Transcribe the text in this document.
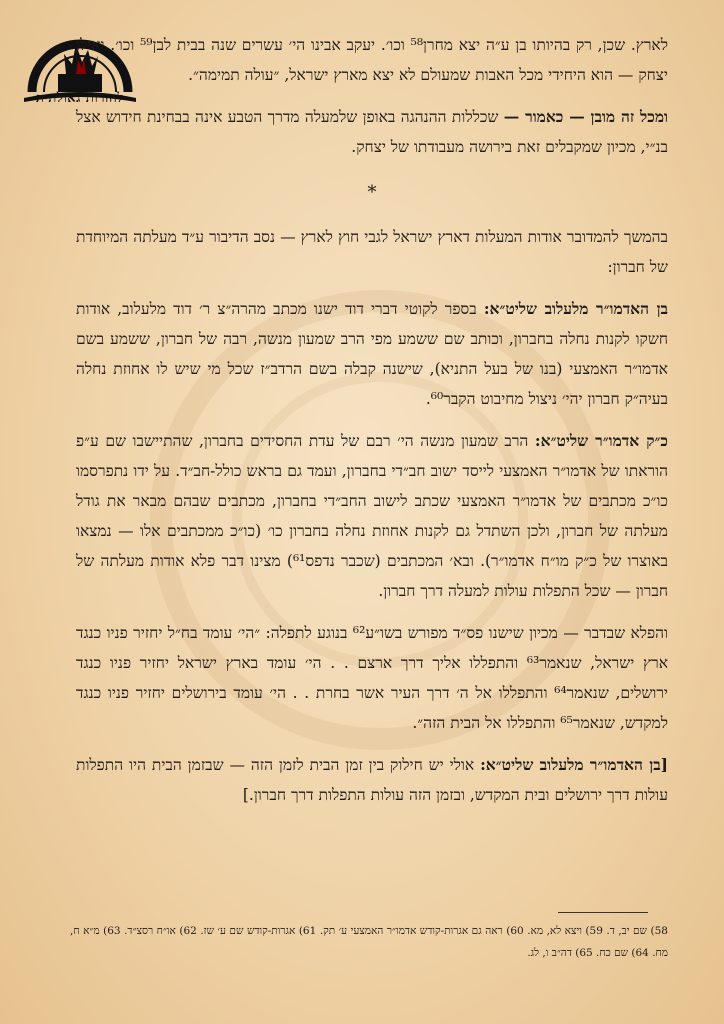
לחזרות גאולתית

לארץ. שכן, רק בהיותו בן ע״ה יצא מחרן⁵⁸ וכו׳. יעקב אבינו הי׳ עשרים שנה בבית לבן⁵⁹ וכו׳. ואילו יצחק — הוא היחידי מכל האבות שמעולם לא יצא מארץ ישראל, ״עולה תמימה״.

ומכל זה מובן — כאמור — שכללות ההנהגה באופן שלמעלה מדרך הטבע אינה בבחינת חידוש אצל בנ״י, מכיון שמקבלים זאת בירושה מעבודתו של יצחק.

*

בהמשך להמדובר אודות המעלות דארץ ישראל לגבי חוץ לארץ — נסב הדיבור ע״ד מעלתה המיוחדת של חברון:

בן האדמו״ר מלעלוב שליט״א: בספר לקוטי דברי דוד ישנו מכתב מהרה״צ ר׳ דוד מלעלוב, אודות חשקו לקנות נחלה בחברון, וכותב שם ששמע מפי הרב שמעון מנשה, רבה של חברון, ששמע בשם אדמו״ר האמצעי (בנו של בעל התניא), שישנה קבלה בשם הרדב״ז שכל מי שיש לו אחוזת נחלה בעיה״ק חברון יהי׳ ניצול מחיבוט הקבר⁶⁰.

כ״ק אדמו״ר שליט״א: הרב שמעון מנשה הי׳ רבם של עדת החסידים בחברון, שהתיישבו שם ע״פ הוראתו של אדמו״ר האמצעי לייסד ישוב חב״די בחברון, ועמד גם בראש כולל-חב״ד. על ידו נתפרסמו כו״כ מכתבים של אדמו״ר האמצעי שכתב לישוב החב״די בחברון, מכתבים שבהם מבאר את גודל מעלתה של חברון, ולכן השתדל גם לקנות אחוזת נחלה בחברון כו׳ (כו״כ ממכתבים אלו — נמצאו באוצרו של כ״ק מו״ח אדמו״ר). ובא׳ המכתבים (שכבר נדפס⁶¹) מצינו דבר פלא אודות מעלתה של חברון — שכל התפלות עולות למעלה דרך חברון.

והפלא שבדבר — מכיון שישנו פס״ד מפורש בשו״ע⁶² בנוגע לתפלה: ״הי׳ עומד בח״ל יחזיר פניו כנגד ארץ ישראל, שנאמר⁶³ והתפללו אליך דרך ארצם . . הי׳ עומד בארץ ישראל יחזיר פניו כנגד ירושלים, שנאמר⁶⁴ והתפללו אל ה׳ דרך העיר אשר בחרת . . הי׳ עומד בירושלים יחזיר פניו כנגד למקדש, שנאמר⁶⁵ והתפללו אל הבית הזה״.

[בן האדמו״ר מלעלוב שליט״א: אולי יש חילוק בין זמן הבית לזמן הזה — שבזמן הבית היו התפלות עולות דרך ירושלים ובית המקדש, ובזמן הזה עולות התפלות דרך חברון.]

58) שם יב, ד. 59) ויצא לא, מא. 60) ראה גם אגרות-קודש אדמו״ר האמצעי ע׳ תק. 61) אגרות-קודש שם ע׳ שז. 62) או״ח רסצ״ד. 63) מ״א ח, מח. 64) שם כח. 65) דה״ב ו, לג.
